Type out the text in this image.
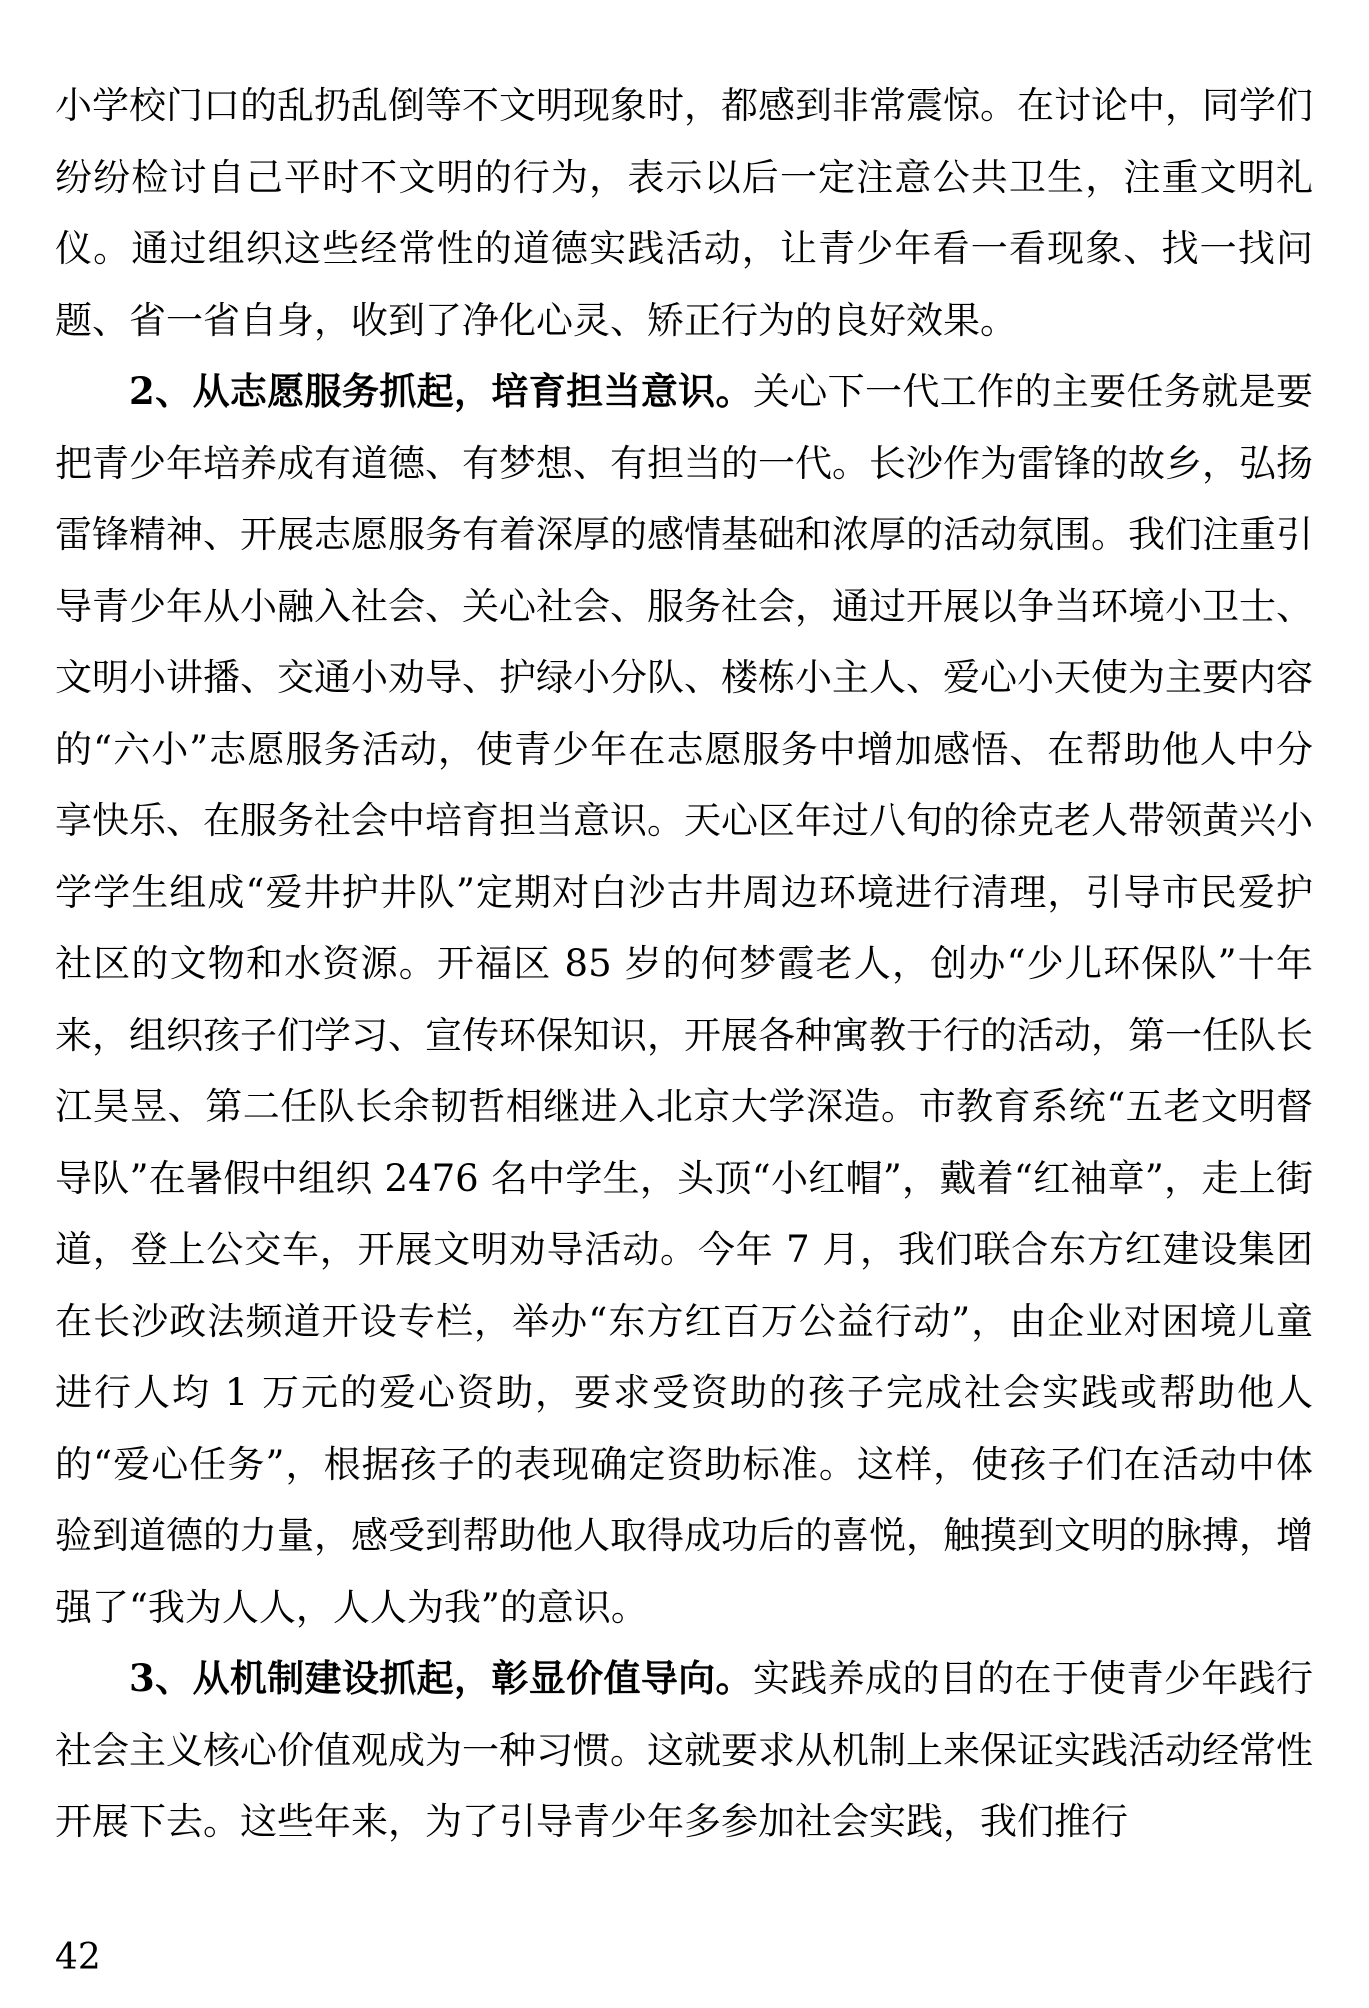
小学校门口的乱扔乱倒等不文明现象时，都感到非常震惊。在讨论中，同学们纷纷检讨自己平时不文明的行为，表示以后一定注意公共卫生，注重文明礼仪。通过组织这些经常性的道德实践活动，让青少年看一看现象、找一找问题、省一省自身，收到了净化心灵、矫正行为的良好效果。

2、从志愿服务抓起，培育担当意识。关心下一代工作的主要任务就是要把青少年培养成有道德、有梦想、有担当的一代。长沙作为雷锋的故乡，弘扬雷锋精神、开展志愿服务有着深厚的感情基础和浓厚的活动氛围。我们注重引导青少年从小融入社会、关心社会、服务社会，通过开展以争当环境小卫士、文明小讲播、交通小劝导、护绿小分队、楼栋小主人、爱心小天使为主要内容的“六小”志愿服务活动，使青少年在志愿服务中增加感悟、在帮助他人中分享快乐、在服务社会中培育担当意识。天心区年过八旬的徐克老人带领黄兴小学学生组成“爱井护井队”定期对白沙古井周边环境进行清理，引导市民爱护社区的文物和水资源。开福区 85 岁的何梦霞老人，创办“少儿环保队”十年来，组织孩子们学习、宣传环保知识，开展各种寓教于行的活动，第一任队长江昊昱、第二任队长余韧哲相继进入北京大学深造。市教育系统“五老文明督导队”在暑假中组织 2476 名中学生，头顶“小红帽”，戴着“红袖章”，走上街道，登上公交车，开展文明劝导活动。今年 7 月，我们联合东方红建设集团在长沙政法频道开设专栏，举办“东方红百万公益行动”，由企业对困境儿童进行人均 1 万元的爱心资助，要求受资助的孩子完成社会实践或帮助他人的“爱心任务”，根据孩子的表现确定资助标准。这样，使孩子们在活动中体验到道德的力量，感受到帮助他人取得成功后的喜悦，触摸到文明的脉搏，增强了“我为人人，人人为我”的意识。

3、从机制建设抓起，彰显价值导向。实践养成的目的在于使青少年践行社会主义核心价值观成为一种习惯。这就要求从机制上来保证实践活动经常性开展下去。这些年来，为了引导青少年多参加社会实践，我们推行

42
